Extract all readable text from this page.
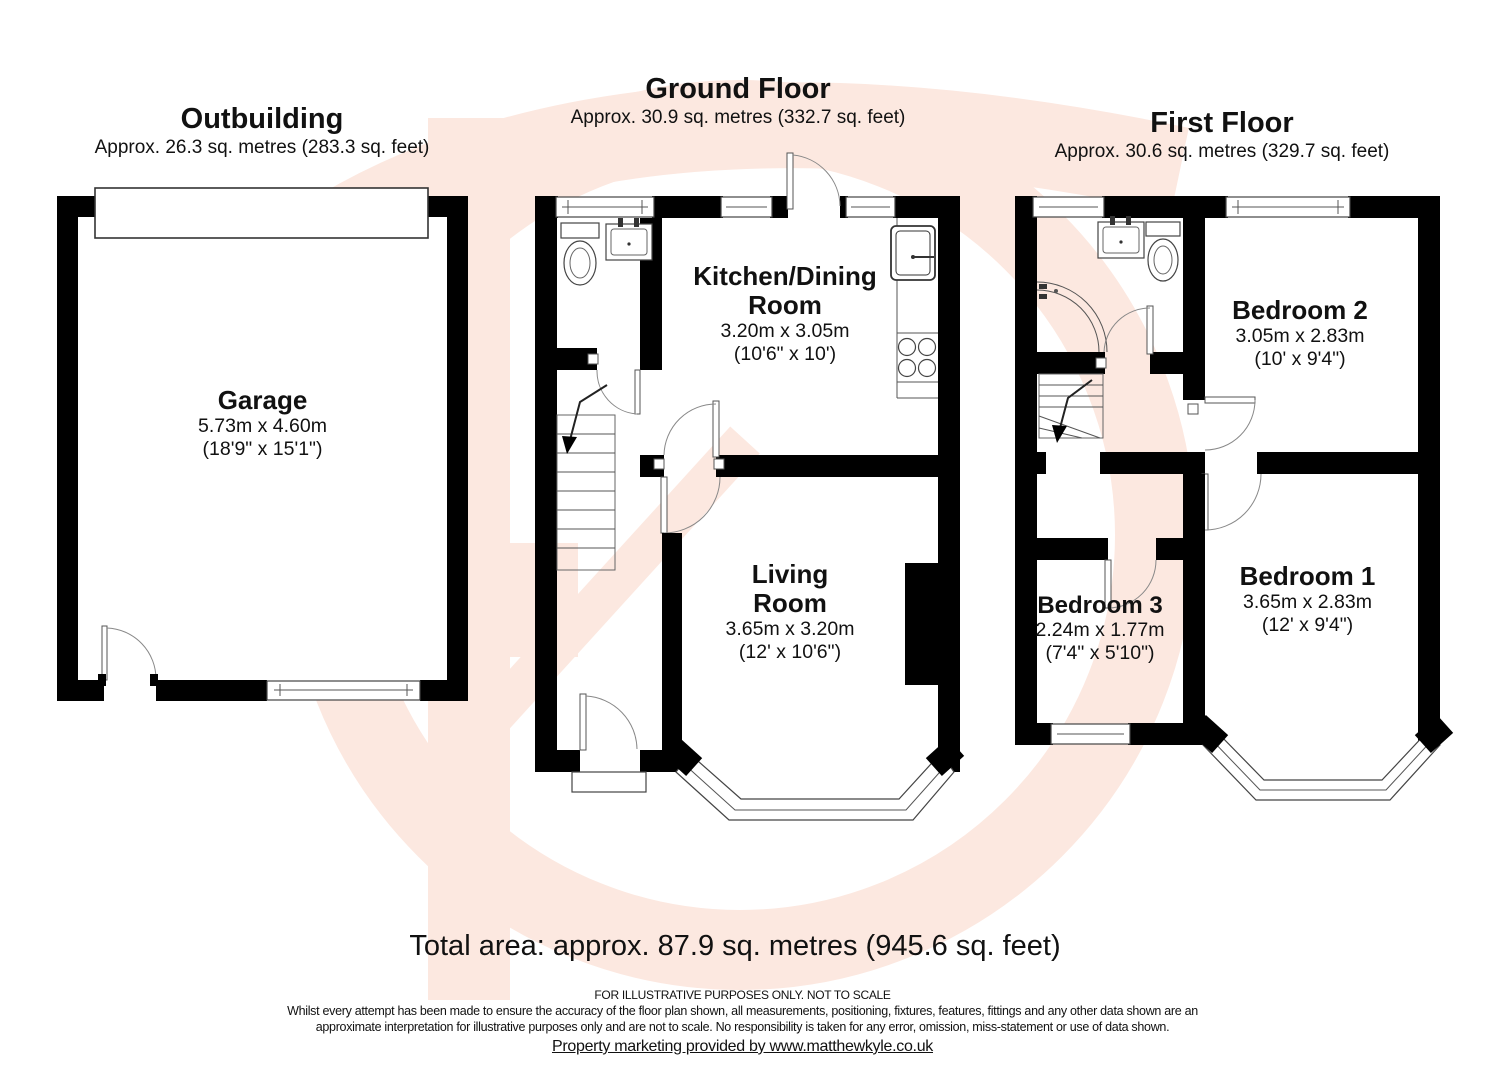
Outbuilding
Approx. 26.3 sq. metres (283.3 sq. feet)
Ground Floor
Approx. 30.9 sq. metres (332.7 sq. feet)	First Floor
Approx. 30.6 sq. metres (329.7 sq. feet)
Garage
5.73m x 4.60m
(18'9" x 15'1")
Kitchen/Dining
Room
3.20m x 3.05m
(10'6" x 10')
Living
Room
3.65m x 3.20m
(12' x 10'6")
Bedroom 2
3.05m x 2.83m
(10' x 9'4")
Bedroom 1
3.65m x 2.83m
(12' x 9'4")
Bedroom 3
2.24m x 1.77m
(7'4" x 5'10")
Total area: approx. 87.9 sq. metres (945.6 sq. feet)
FOR ILLUSTRATIVE PURPOSES ONLY. NOT TO SCALE
Whilst every attempt has been made to ensure the accuracy of the floor plan shown, all measurements, positioning, fixtures, features, fittings and any other data shown are an
approximate interpretation for illustrative purposes only and are not to scale. No responsibility is taken for any error, omission, miss-statement or use of data shown.
Property marketing provided by www.matthewkyle.co.uk
